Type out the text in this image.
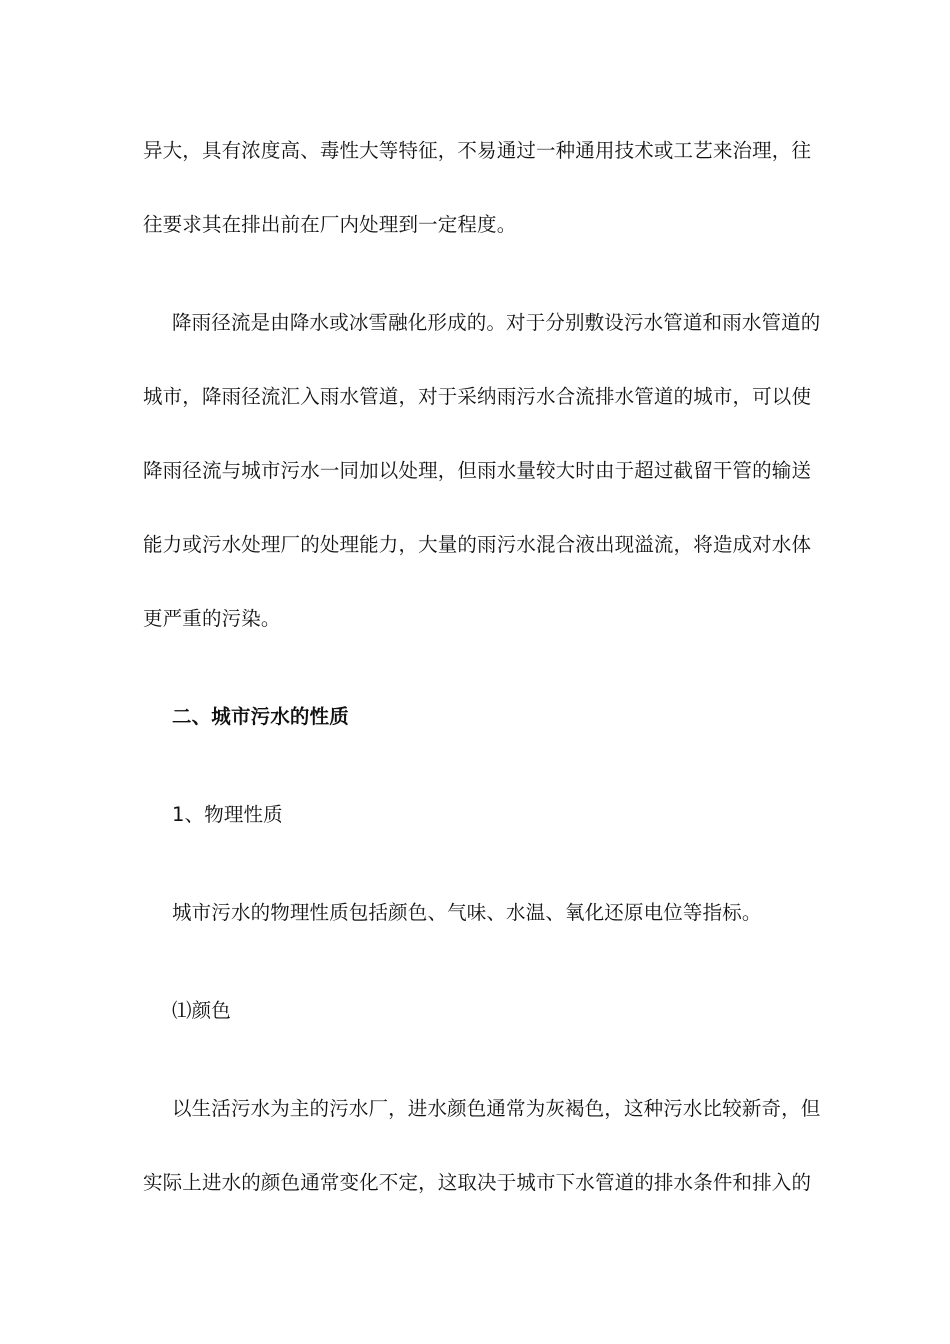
异大，具有浓度高、毒性大等特征，不易通过一种通用技术或工艺来治理，往
往要求其在排出前在厂内处理到一定程度。
降雨径流是由降水或冰雪融化形成的。对于分别敷设污水管道和雨水管道的
城市，降雨径流汇入雨水管道，对于采纳雨污水合流排水管道的城市，可以使
降雨径流与城市污水一同加以处理，但雨水量较大时由于超过截留干管的输送
能力或污水处理厂的处理能力，大量的雨污水混合液出现溢流，将造成对水体
更严重的污染。
二、城市污水的性质
1、物理性质
城市污水的物理性质包括颜色、气味、水温、氧化还原电位等指标。
⑴颜色
以生活污水为主的污水厂，进水颜色通常为灰褐色，这种污水比较新奇，但
实际上进水的颜色通常变化不定，这取决于城市下水管道的排水条件和排入的
